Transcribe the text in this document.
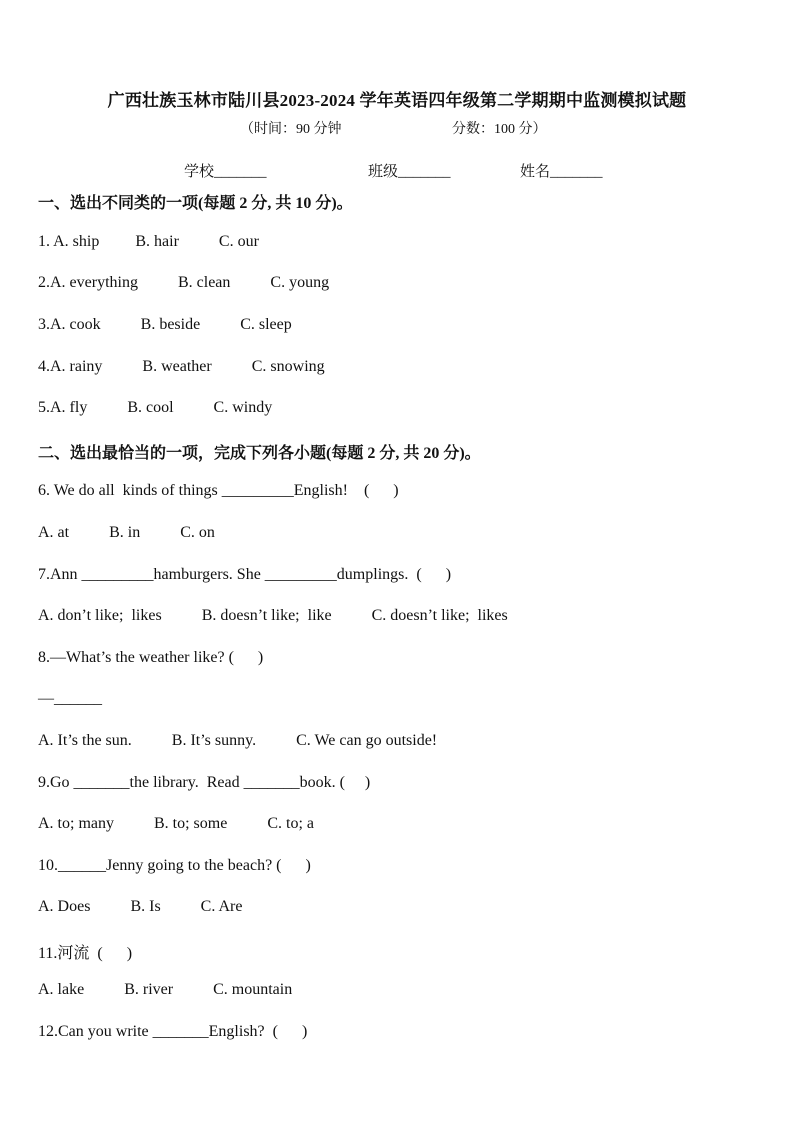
广西壮族玉林市陆川县2023-2024 学年英语四年级第二学期期中监测模拟试题
（时间：90 分钟	分数：100 分）
学校_______	班级_______	姓名_______
一、选出不同类的一项(每题 2 分, 共 10 分)。
1. A. ship         B. hair          C. our
2.A. everything          B. clean          C. young
3.A. cook          B. beside          C. sleep
4.A. rainy          B. weather          C. snowing
5.A. fly          B. cool          C. windy
二、选出最恰当的一项，完成下列各小题(每题 2 分, 共 20 分)。
6. We do all  kinds of things _________English!    (      )
A. at          B. in          C. on
7.Ann _________hamburgers. She _________dumplings.  (      )
A. don’t like;  likes          B. doesn’t like;  like          C. doesn’t like;  likes
8.—What’s the weather like? (      )
—______
A. It’s the sun.          B. It’s sunny.          C. We can go outside!
9.Go _______the library.  Read _______book. (     )
A. to; many          B. to; some          C. to; a
10.______Jenny going to the beach? (      )
A. Does          B. Is          C. Are
11.河流  (      )
A. lake          B. river          C. mountain
12.Can you write _______English?  (      )
